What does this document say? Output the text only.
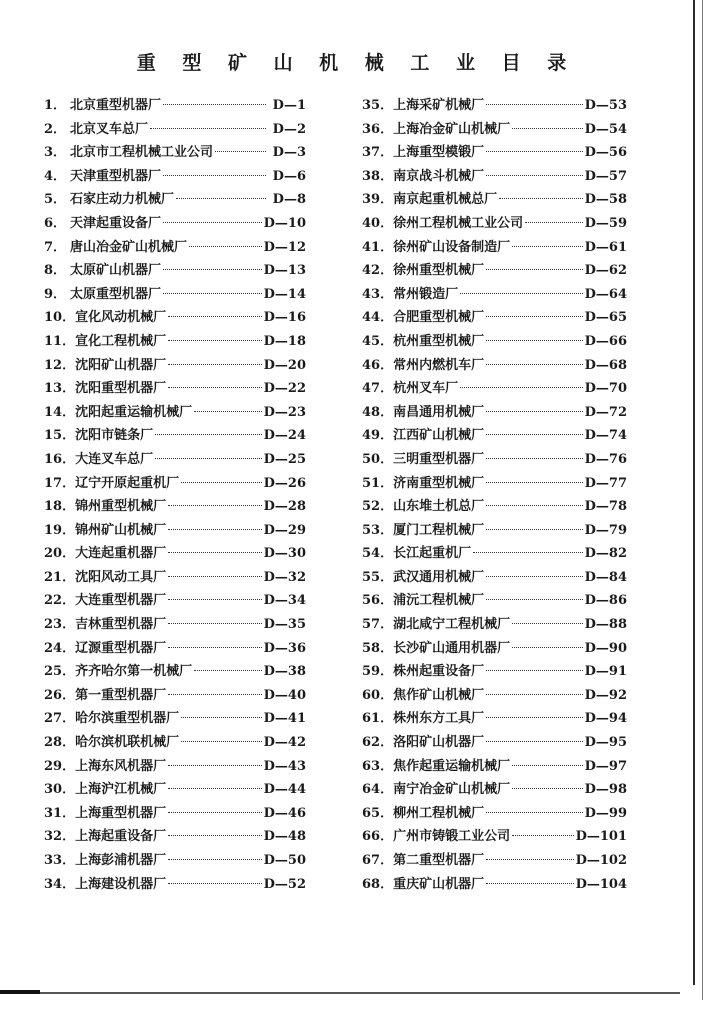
重 型 矿 山 机 械 工 业 目 录
1． 北京重型机器厂	D—1
2． 北京叉车总厂	D—2
3． 北京市工程机械工业公司	D—3
4． 天津重型机器厂	D—6
5． 石家庄动力机械厂	D—8
6． 天津起重设备厂	D—10
7． 唐山冶金矿山机械厂	D—12
8． 太原矿山机器厂	D—13
9． 太原重型机器厂	D—14
10． 宣化风动机械厂	D—16
11． 宣化工程机械厂	D—18
12． 沈阳矿山机器厂	D—20
13． 沈阳重型机器厂	D—22
14． 沈阳起重运输机械厂	D—23
15． 沈阳市链条厂	D—24
16． 大连叉车总厂	D—25
17． 辽宁开原起重机厂	D—26
18． 锦州重型机械厂	D—28
19． 锦州矿山机械厂	D—29
20． 大连起重机器厂	D—30
21． 沈阳风动工具厂	D—32
22． 大连重型机器厂	D—34
23． 吉林重型机器厂	D—35
24． 辽源重型机器厂	D—36
25． 齐齐哈尔第一机械厂	D—38
26． 第一重型机器厂	D—40
27． 哈尔滨重型机器厂	D—41
28． 哈尔滨机联机械厂	D—42
29． 上海东风机器厂	D—43
30． 上海沪江机械厂	D—44
31． 上海重型机器厂	D—46
32． 上海起重设备厂	D—48
33． 上海彭浦机器厂	D—50
34． 上海建设机器厂	D—52
35． 上海采矿机械厂	D—53
36． 上海冶金矿山机械厂	D—54
37． 上海重型模锻厂	D—56
38． 南京战斗机械厂	D—57
39． 南京起重机械总厂	D—58
40． 徐州工程机械工业公司	D—59
41． 徐州矿山设备制造厂	D—61
42． 徐州重型机械厂	D—62
43． 常州锻造厂	D—64
44． 合肥重型机械厂	D—65
45． 杭州重型机械厂	D—66
46． 常州内燃机车厂	D—68
47． 杭州叉车厂	D—70
48． 南昌通用机械厂	D—72
49． 江西矿山机械厂	D—74
50． 三明重型机器厂	D—76
51． 济南重型机械厂	D—77
52． 山东堆土机总厂	D—78
53． 厦门工程机械厂	D—79
54． 长江起重机厂	D—82
55． 武汉通用机械厂	D—84
56． 浦沅工程机械厂	D—86
57． 湖北咸宁工程机械厂	D—88
58． 长沙矿山通用机器厂	D—90
59． 株州起重设备厂	D—91
60． 焦作矿山机械厂	D—92
61． 株州东方工具厂	D—94
62． 洛阳矿山机器厂	D—95
63． 焦作起重运输机械厂	D—97
64． 南宁冶金矿山机械厂	D—98
65． 柳州工程机械厂	D—99
66． 广州市铸锻工业公司	D—101
67． 第二重型机器厂	D—102
68． 重庆矿山机器厂	D—104
